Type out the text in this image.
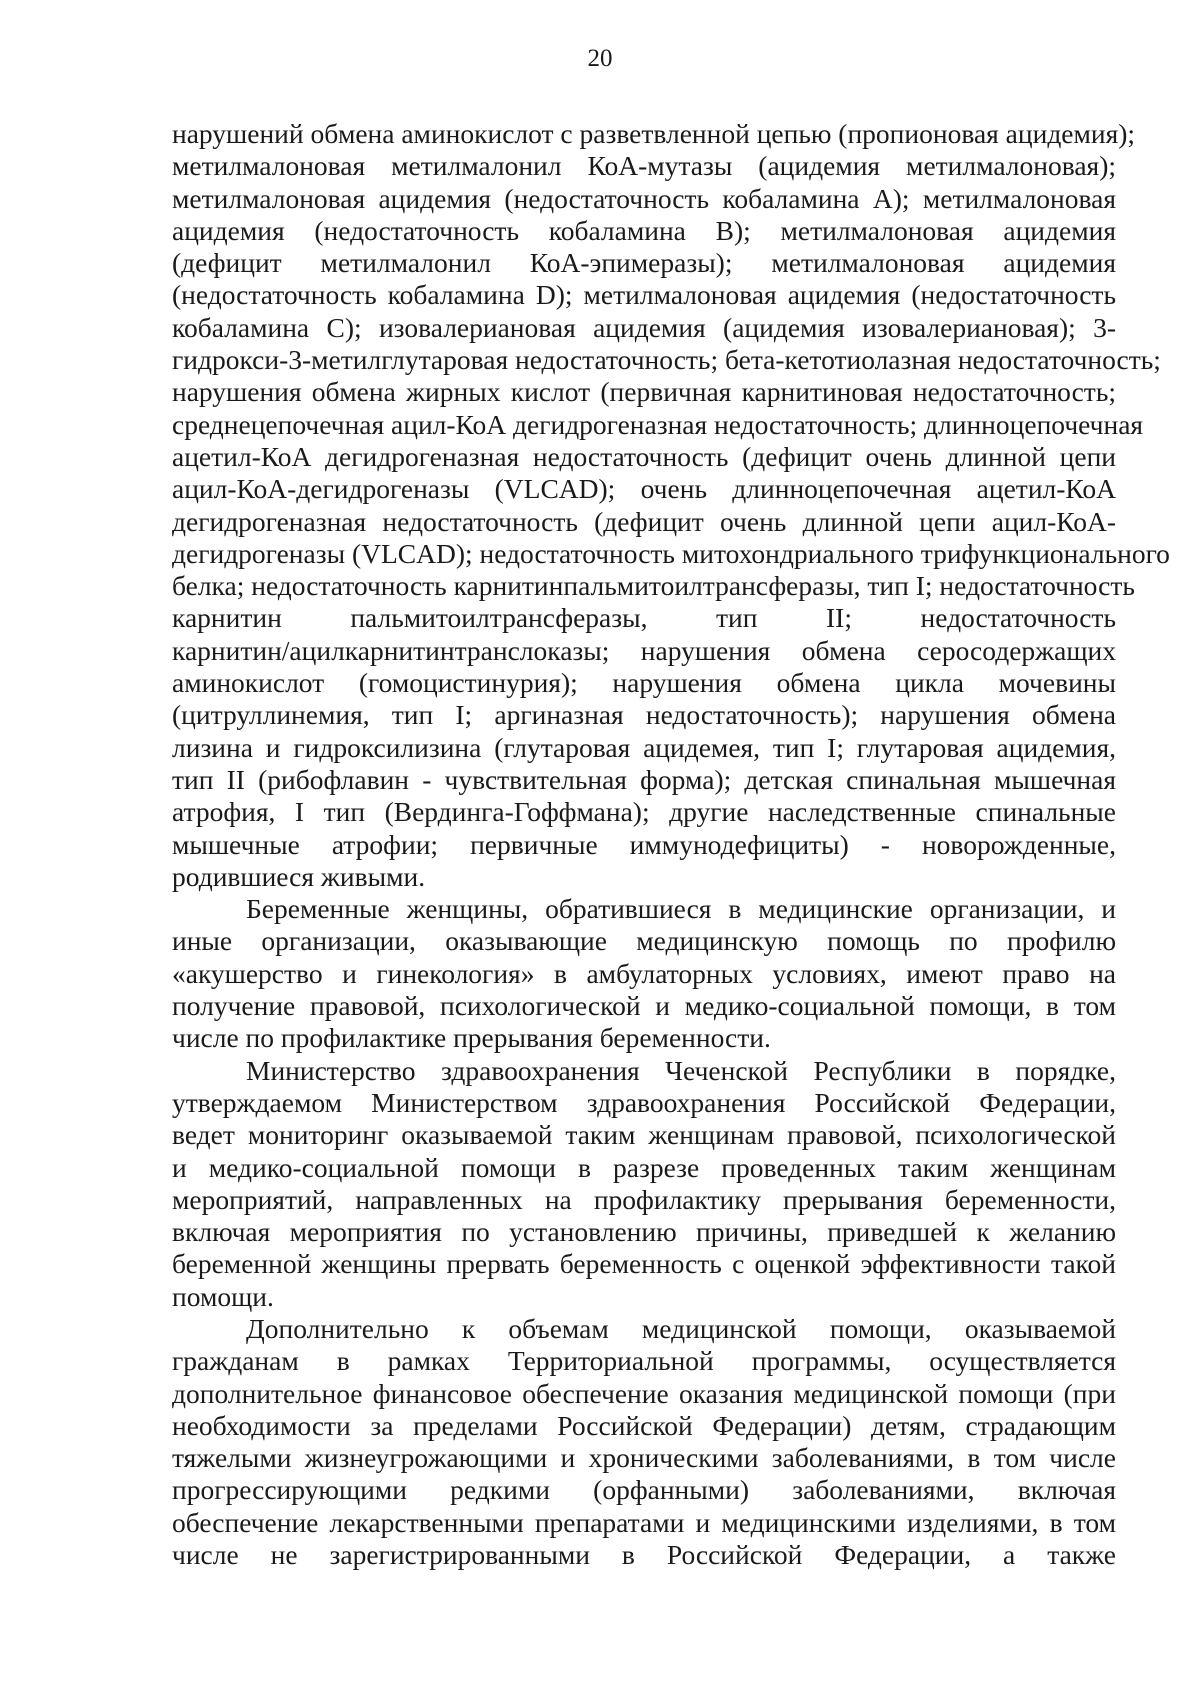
20
нарушений обмена аминокислот с разветвленной цепью (пропионовая ацидемия);
метилмалоновая метилмалонил КоА-мутазы (ацидемия метилмалоновая);
метилмалоновая ацидемия (недостаточность кобаламина А); метилмалоновая
ацидемия (недостаточность кобаламина В); метилмалоновая ацидемия
(дефицит метилмалонил КоА-эпимеразы); метилмалоновая ацидемия
(недостаточность кобаламина D); метилмалоновая ацидемия (недостаточность
кобаламина С); изовалериановая ацидемия (ацидемия изовалериановая); 3-
гидрокси-3-метилглутаровая недостаточность; бета-кетотиолазная недостаточность;
нарушения обмена жирных кислот (первичная карнитиновая недостаточность;
среднецепочечная ацил-КоА дегидрогеназная недостаточность; длинноцепочечная
ацетил-КоА дегидрогеназная недостаточность (дефицит очень длинной цепи
ацил-КоА-дегидрогеназы (VLCAD); очень длинноцепочечная ацетил-КоА
дегидрогеназная недостаточность (дефицит очень длинной цепи ацил-КоА-
дегидрогеназы (VLCAD); недостаточность митохондриального трифункционального
белка; недостаточность карнитинпальмитоилтрансферазы, тип I; недостаточность
карнитин пальмитоилтрансферазы, тип II; недостаточность
карнитин/ацилкарнитинтранслоказы; нарушения обмена серосодержащих
аминокислот (гомоцистинурия); нарушения обмена цикла мочевины
(цитруллинемия, тип I; аргиназная недостаточность); нарушения обмена
лизина и гидроксилизина (глутаровая ацидемея, тип I; глутаровая ацидемия,
тип II (рибофлавин - чувствительная форма); детская спинальная мышечная
атрофия, I тип (Вердинга-Гоффмана); другие наследственные спинальные
мышечные атрофии; первичные иммунодефициты) - новорожденные,
родившиеся живыми.
Беременные женщины, обратившиеся в медицинские организации, и
иные организации, оказывающие медицинскую помощь по профилю
«акушерство и гинекология» в амбулаторных условиях, имеют право на
получение правовой, психологической и медико-социальной помощи, в том
числе по профилактике прерывания беременности.
Министерство здравоохранения Чеченской Республики в порядке,
утверждаемом Министерством здравоохранения Российской Федерации,
ведет мониторинг оказываемой таким женщинам правовой, психологической
и медико-социальной помощи в разрезе проведенных таким женщинам
мероприятий, направленных на профилактику прерывания беременности,
включая мероприятия по установлению причины, приведшей к желанию
беременной женщины прервать беременность с оценкой эффективности такой
помощи.
Дополнительно к объемам медицинской помощи, оказываемой
гражданам в рамках Территориальной программы, осуществляется
дополнительное финансовое обеспечение оказания медицинской помощи (при
необходимости за пределами Российской Федерации) детям, страдающим
тяжелыми жизнеугрожающими и хроническими заболеваниями, в том числе
прогрессирующими редкими (орфанными) заболеваниями, включая
обеспечение лекарственными препаратами и медицинскими изделиями, в том
числе не зарегистрированными в Российской Федерации, а также
